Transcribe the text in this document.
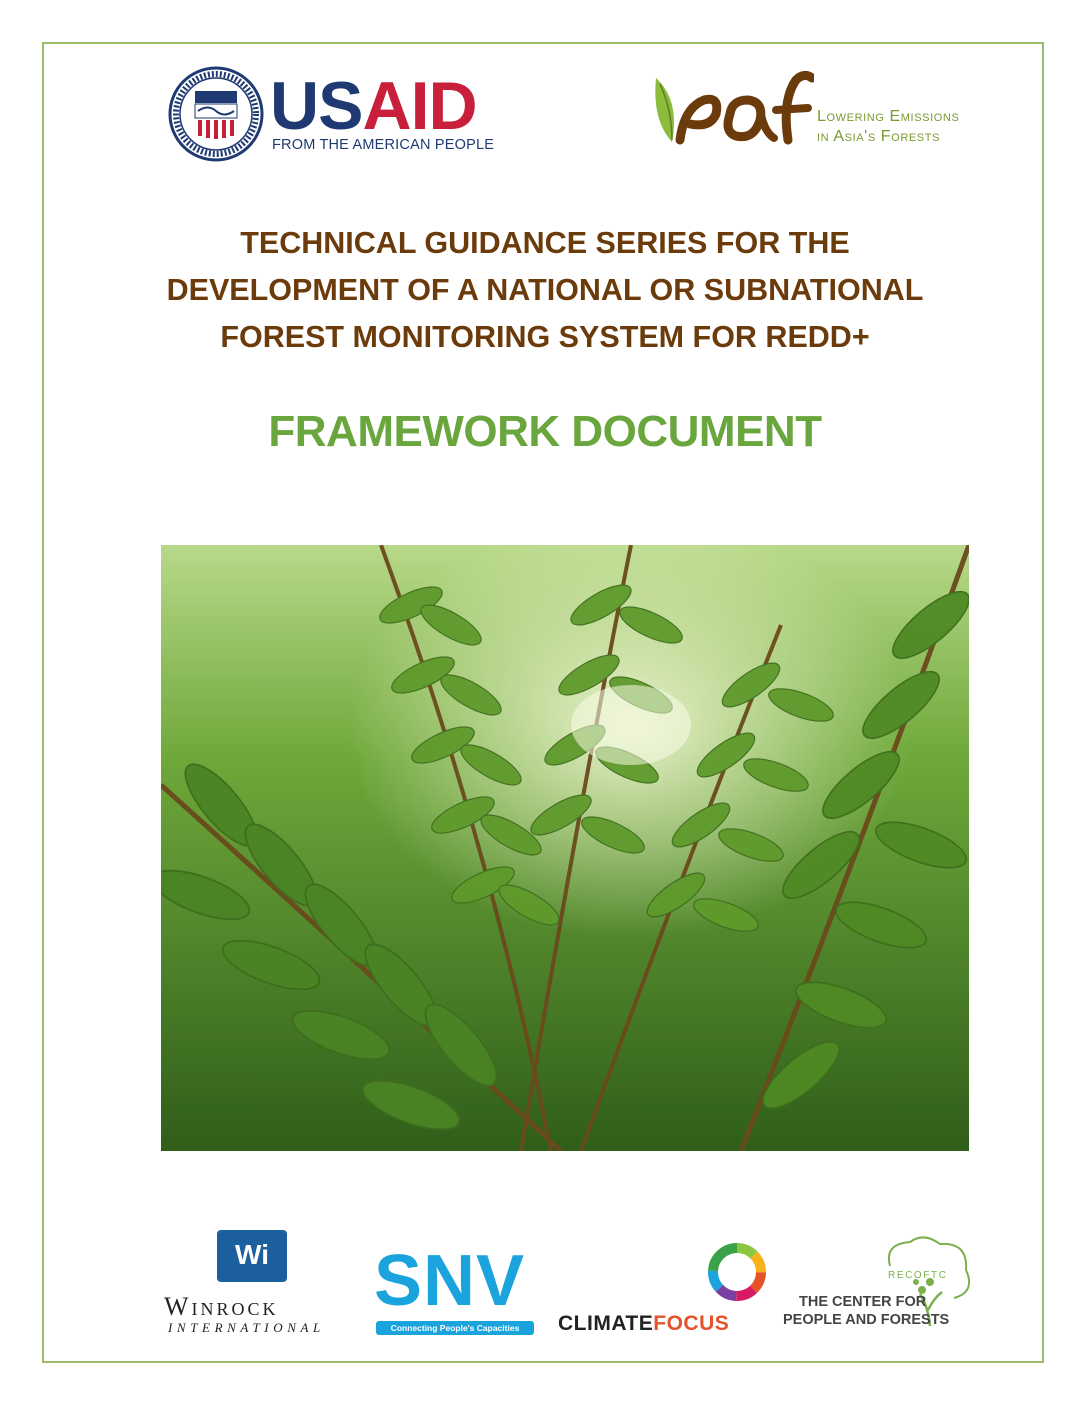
USAID
FROM THE AMERICAN PEOPLE
Lowering Emissions
in Asia's Forests
TECHNICAL GUIDANCE SERIES FOR THE
DEVELOPMENT OF A NATIONAL OR SUBNATIONAL
FOREST MONITORING SYSTEM FOR REDD+
FRAMEWORK DOCUMENT
Wi
Winrock
INTERNATIONAL
SNV
Connecting People's Capacities	CLIMATEFOCUS
RECOFTC
THE CENTER FOR
PEOPLE AND FORESTS
